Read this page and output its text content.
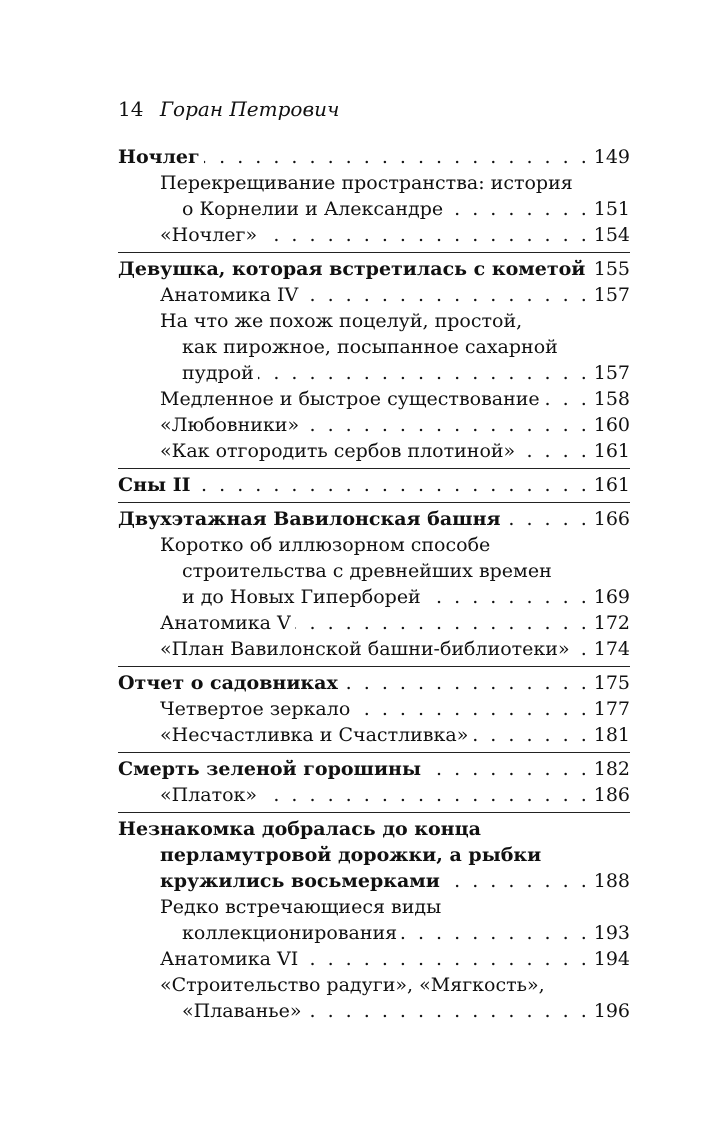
14 Горан Петрович
Ночлег . . .	149
Перекрещивание пространства: история
о Корнелии и Александре . . .	151
«Ночлег» . . .	154
Девушка, которая встретилась с кометой . . . 155
Анатомика IV . . .	157
На что же похож поцелуй, простой,
как пирожное, посыпанное сахарной
пудрой . . .	157
Медленное и быстрое существование . . .	158
«Любовники» . . .	160
«Как отгородить сербов плотиной» . . .	161
Сны II . . .	161
Двухэтажная Вавилонская башня . . .	166
Коротко об иллюзорном способе
строительства с древнейших времен
и до Новых Гиперборей . . .	169
Анатомика V . . .	172
«План Вавилонской башни-библиотеки» . . . 174
Отчет о садовниках . . .	175
Четвертое зеркало . . .	177
«Несчастливка и Счастливка» . . .	181
Смерть зеленой горошины . . .	182
«Платок» . . .	186
Незнакомка добралась до конца
перламутровой дорожки, а рыбки
кружились восьмерками . . .	188
Редко встречающиеся виды
коллекционирования . . .	193
Анатомика VI . . .	194
«Строительство радуги», «Мягкость»,
«Плаванье» . . .	196
